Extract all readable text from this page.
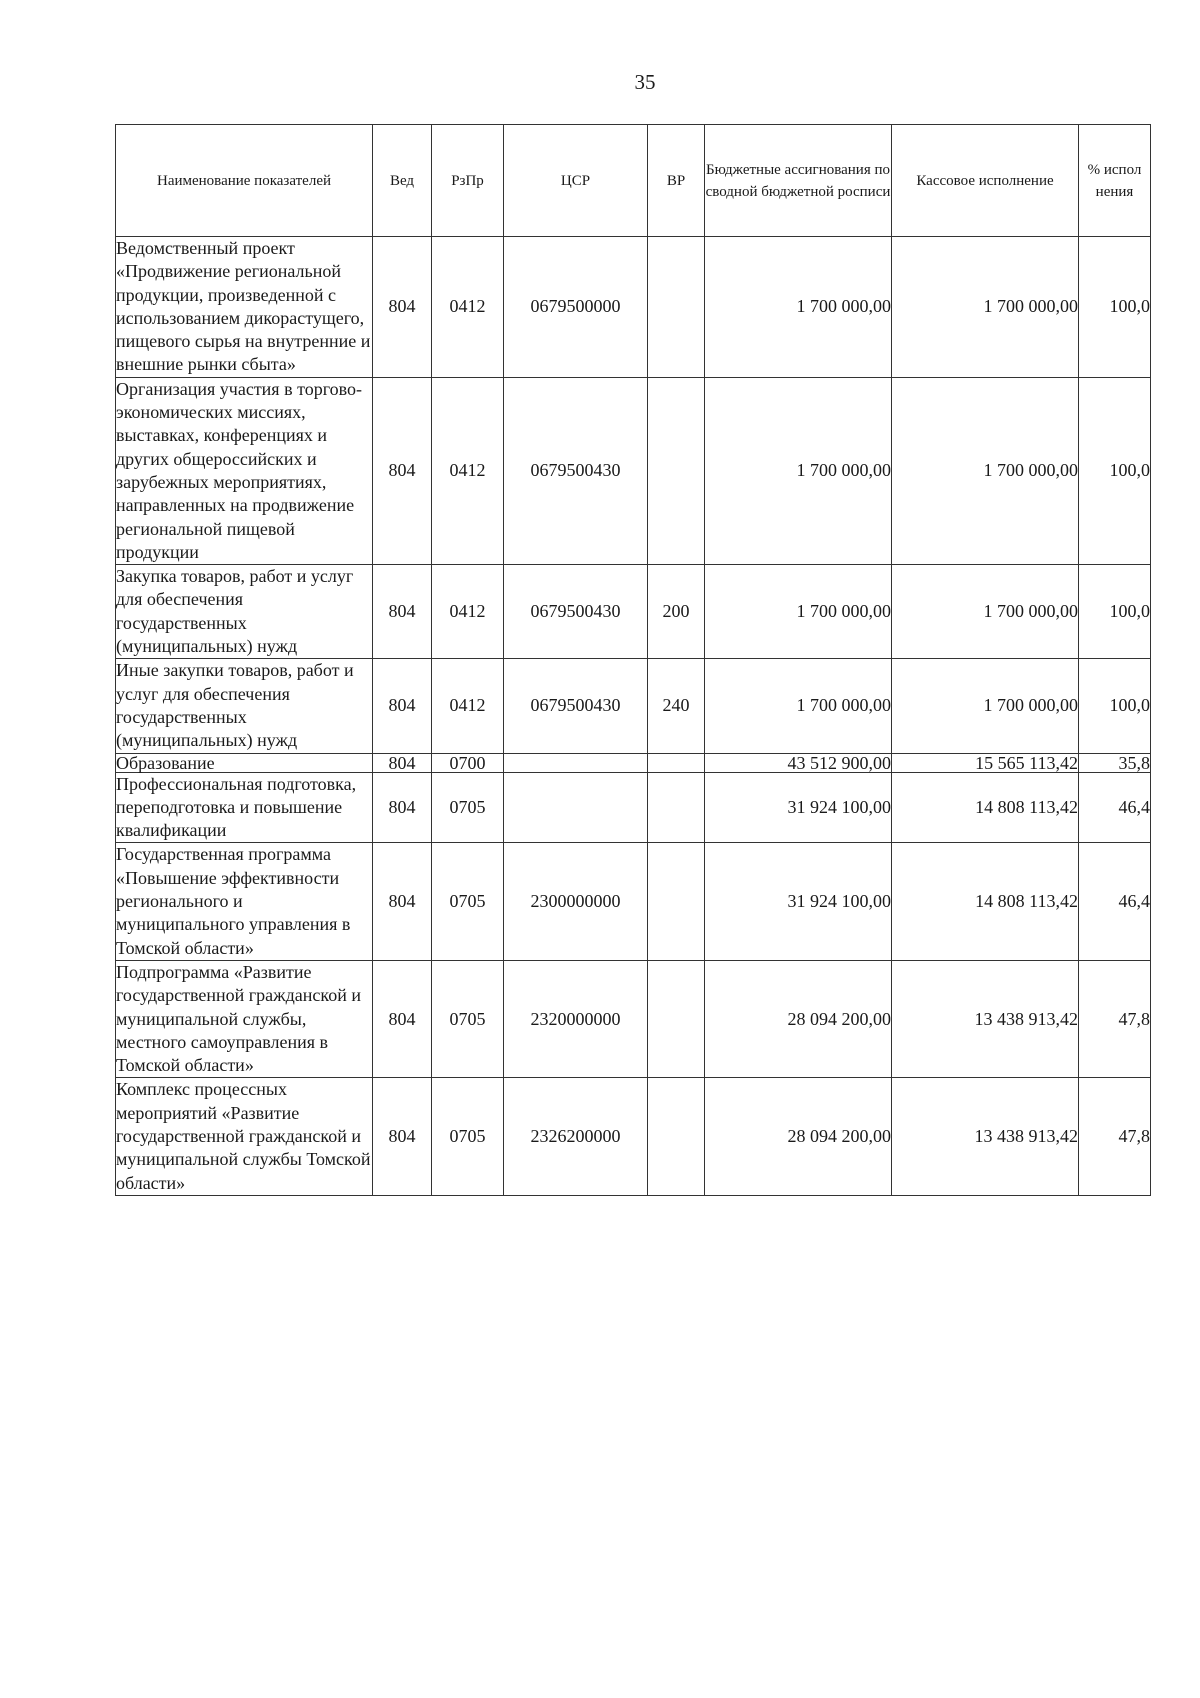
35
Наименование показателей	Вед	РзПр	ЦСР	ВР	Бюджетные ассигнования по сводной бюджетной росписи	Кассовое исполнение	% испол нения
Ведомственный проект «Продвижение региональной продукции, произведенной с использованием дикорастущего, пищевого сырья на внутренние и внешние рынки сбыта»	804	0412	0679500000		1 700 000,00	1 700 000,00	100,0
Организация участия в торгово-экономических миссиях, выставках, конференциях и других общероссийских и зарубежных мероприятиях, направленных на продвижение региональной пищевой продукции	804	0412	0679500430		1 700 000,00	1 700 000,00	100,0
Закупка товаров, работ и услуг для обеспечения государственных (муниципальных) нужд	804	0412	0679500430	200	1 700 000,00	1 700 000,00	100,0
Иные закупки товаров, работ и услуг для обеспечения государственных (муниципальных) нужд	804	0412	0679500430	240	1 700 000,00	1 700 000,00	100,0
Образование	804	0700			43 512 900,00	15 565 113,42	35,8
Профессиональная подготовка, переподготовка и повышение квалификации	804	0705			31 924 100,00	14 808 113,42	46,4
Государственная программа «Повышение эффективности регионального и муниципального управления в Томской области»	804	0705	2300000000		31 924 100,00	14 808 113,42	46,4
Подпрограмма «Развитие государственной гражданской и муниципальной службы, местного самоуправления в Томской области»	804	0705	2320000000		28 094 200,00	13 438 913,42	47,8
Комплекс процессных мероприятий «Развитие государственной гражданской и муниципальной службы Томской области»	804	0705	2326200000		28 094 200,00	13 438 913,42	47,8
